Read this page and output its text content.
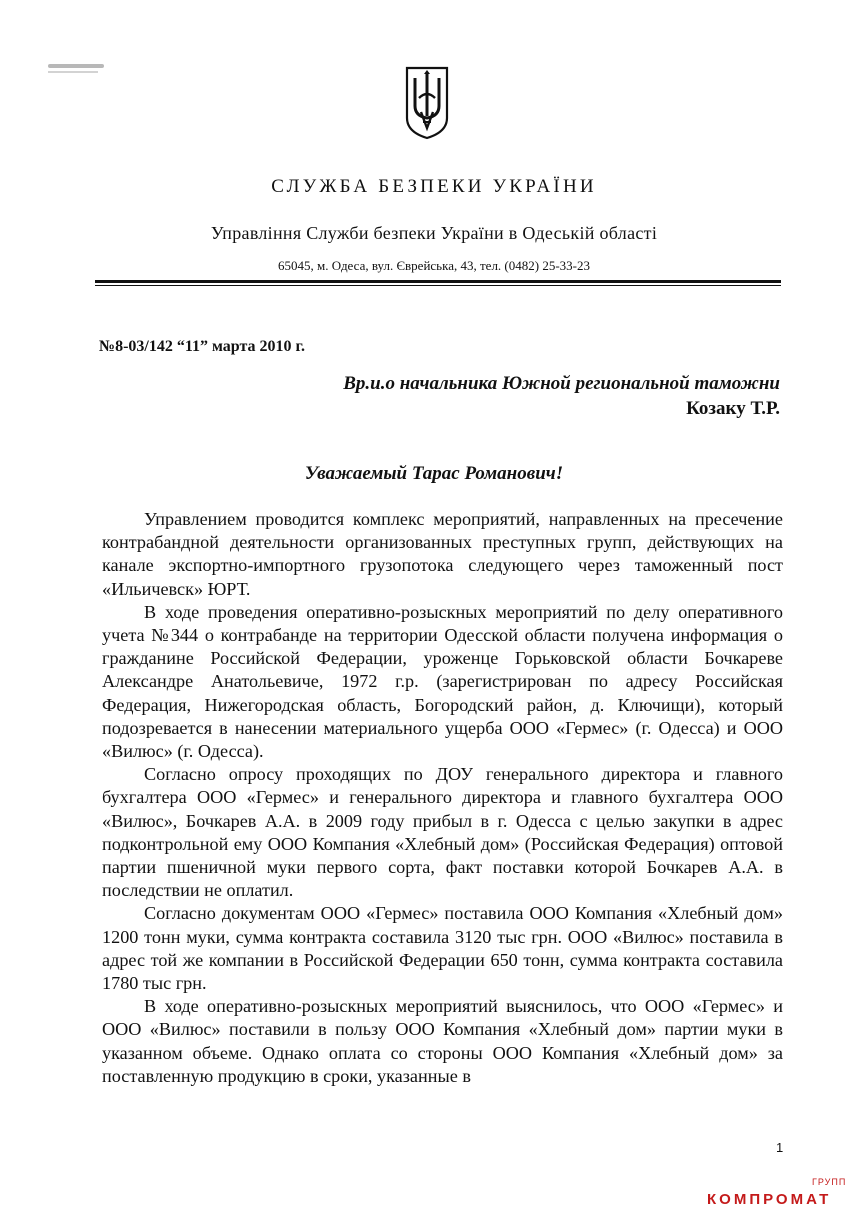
СЛУЖБА БЕЗПЕКИ УКРАЇНИ
Управління Служби безпеки України в Одеській області
65045, м. Одеса, вул. Єврейська, 43, тел. (0482) 25-33-23
№8-03/142 “11” марта 2010 г.
Вр.и.о начальника Южной региональной таможни
Козаку Т.Р.
Уважаемый Тарас Романович!

Управлением проводится комплекс мероприятий, направленных на пресечение контрабандной деятельности организованных преступных групп, действующих на канале экспортно-импортного грузопотока следующего через таможенный пост «Ильичевск» ЮРТ.

В ходе проведения оперативно-розыскных мероприятий по делу оперативного учета №344 о контрабанде на территории Одесской области получена информация о гражданине Российской Федерации, уроженце Горьковской области Бочкареве Александре Анатольевиче, 1972 г.р. (зарегистрирован по адресу Российская Федерация, Нижегородская область, Богородский район, д. Ключищи), который подозревается в нанесении материального ущерба ООО «Гермес» (г. Одесса) и ООО «Вилюс» (г. Одесса).

Согласно опросу проходящих по ДОУ генерального директора и главного бухгалтера ООО «Гермес» и генерального директора и главного бухгалтера ООО «Вилюс», Бочкарев А.А. в 2009 году прибыл в г. Одесса с целью закупки в адрес подконтрольной ему ООО Компания «Хлебный дом» (Российская Федерация) оптовой партии пшеничной муки первого сорта, факт поставки которой Бочкарев А.А. в последствии не оплатил.

Согласно документам ООО «Гермес» поставила ООО Компания «Хлебный дом» 1200 тонн муки, сумма контракта составила 3120 тыс грн. ООО «Вилюс» поставила в адрес той же компании в Российской Федерации 650 тонн, сумма контракта составила 1780 тыс грн.

В ходе оперативно-розыскных мероприятий выяснилось, что ООО «Гермес» и ООО «Вилюс» поставили в пользу ООО Компания «Хлебный дом» партии муки в указанном объеме. Однако оплата со стороны ООО Компания «Хлебный дом» за поставленную продукцию в сроки, указанные в

1
ГРУПП
КОМПРОМАТ
